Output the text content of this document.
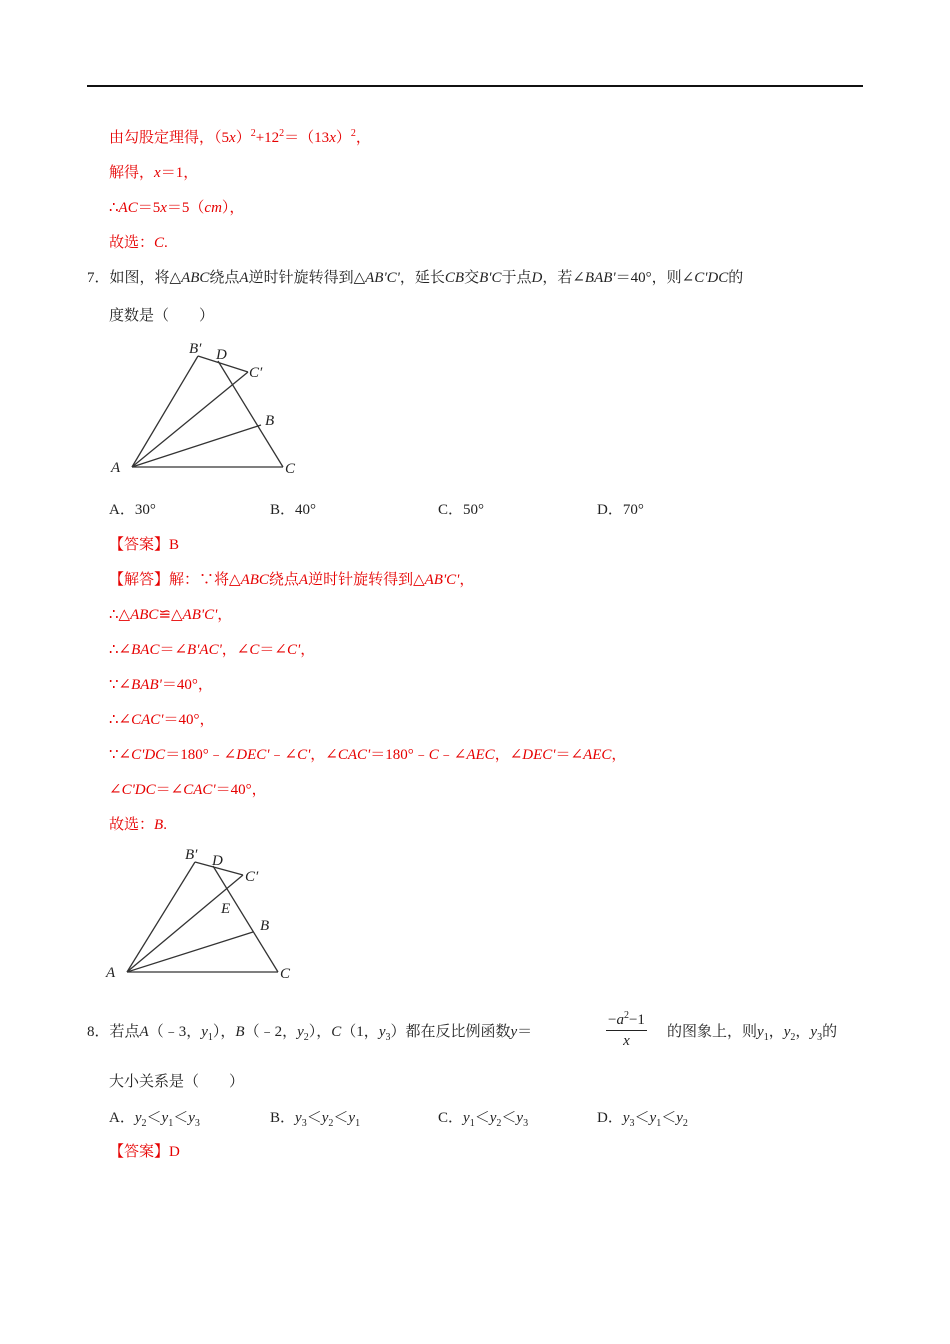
由勾股定理得，$(5x)^2+12^2=(13x)^2$，
解得，x＝1，
∴AC＝5x＝5（cm），
故选：C.
7．如图，将△ABC绕点A逆时针旋转得到△AB'C'，延长CB交B'C于点D，若∠BAB'＝40°，则∠C'DC的
度数是（　　）
B′ D
C′
B
A	C
A．30°	B．40°	C．50°	D．70°
【答案】B
【解答】解：∵将△ABC绕点A逆时针旋转得到△AB'C'，
∴△ABC≌△AB'C'，
∴∠BAC＝∠B'AC'，∠C＝∠C'，
∵∠BAB'＝40°，
∴∠CAC'＝40°，
∵∠C'DC＝180°﹣∠DEC'﹣∠C'，∠CAC'＝180°﹣C﹣∠AEC，∠DEC'＝∠AEC，
∠C'DC＝∠CAC'＝40°，
故选：B.
B′ D
C′
E
B
A	C
8．若点A（﹣3，$y_1$），B（﹣2，$y_2$），C（1，$y_3$）都在反比例函数y＝	$\frac{-a^2-1}{x}$ 的图象上，则$y_1$，$y_2$，$y_3$的
大小关系是（　　）
A．$y_2<y_1<y_3$	B．$y_3<y_2<y_1$	C．$y_1<y_2<y_3$	D．$y_3<y_1<y_2$
【答案】D
